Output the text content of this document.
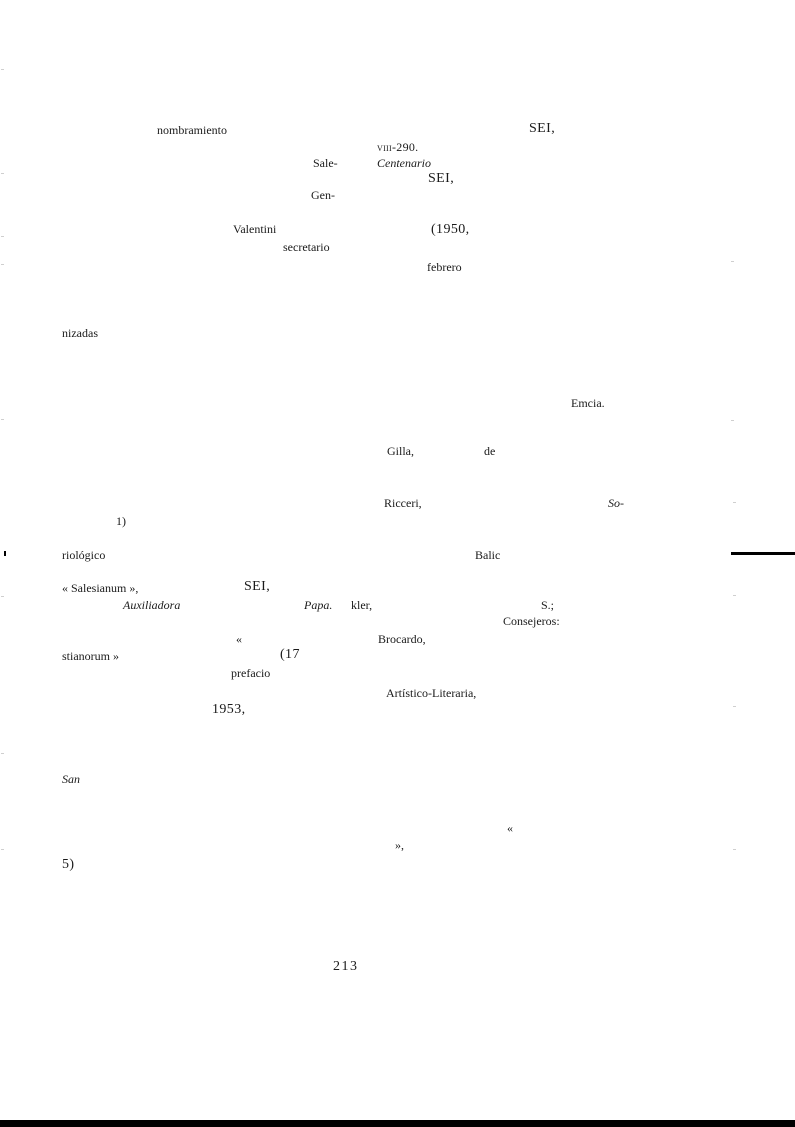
nombramiento	SEI,
viii-290.
Sale-	Centenario
SEI,
Gen-
Valentini	(1950,
secretario
febrero
nizadas
Emcia.
Gilla,	de
Ricceri,	So-
1)
riológico	Balic
« Salesianum »,	SEI,
Auxiliadora	Papa. kler,	S.;
Consejeros:
«	Brocardo,
stianorum »	(17
prefacio
Artístico-Literaria,
1953,
San
«
»,
5)
213
